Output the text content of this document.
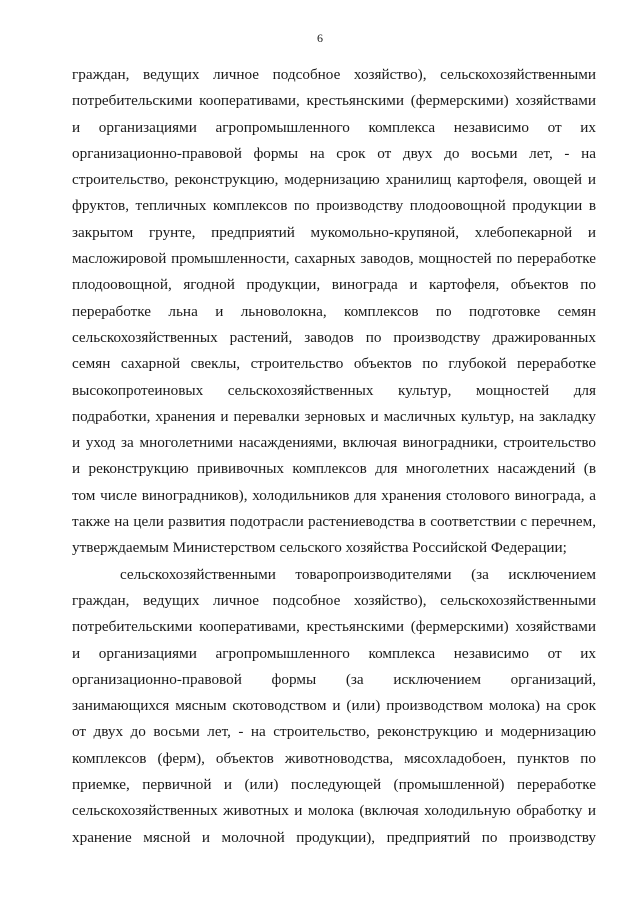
6
граждан, ведущих личное подсобное хозяйство), сельскохозяйственными
потребительскими кооперативами, крестьянскими (фермерскими) хозяйствами
и организациями агропромышленного комплекса независимо от их
организационно-правовой формы на срок от двух до восьми лет, - на
строительство, реконструкцию, модернизацию хранилищ картофеля, овощей и
фруктов, тепличных комплексов по производству плодоовощной продукции в
закрытом грунте, предприятий мукомольно-крупяной, хлебопекарной и
масложировой промышленности, сахарных заводов, мощностей по переработке
плодоовощной, ягодной продукции, винограда и картофеля, объектов по
переработке льна и льноволокна, комплексов по подготовке семян
сельскохозяйственных растений, заводов по производству дражированных
семян сахарной свеклы, строительство объектов по глубокой переработке
высокопротеиновых сельскохозяйственных культур, мощностей для
подработки, хранения и перевалки зерновых и масличных культур, на закладку
и уход за многолетними насаждениями, включая виноградники, строительство
и реконструкцию прививочных комплексов для многолетних насаждений (в
том числе виноградников), холодильников для хранения столового винограда, а
также на цели развития подотрасли растениеводства в соответствии с перечнем,
утверждаемым Министерством сельского хозяйства Российской Федерации;
сельскохозяйственными товаропроизводителями (за исключением
граждан, ведущих личное подсобное хозяйство), сельскохозяйственными
потребительскими кооперативами, крестьянскими (фермерскими) хозяйствами
и организациями агропромышленного комплекса независимо от их
организационно-правовой формы (за исключением организаций,
занимающихся мясным скотоводством и (или) производством молока) на срок
от двух до восьми лет, - на строительство, реконструкцию и модернизацию
комплексов (ферм), объектов животноводства, мясохладобоен, пунктов по
приемке, первичной и (или) последующей (промышленной) переработке
сельскохозяйственных животных и молока (включая холодильную обработку и
хранение мясной и молочной продукции), предприятий по производству
